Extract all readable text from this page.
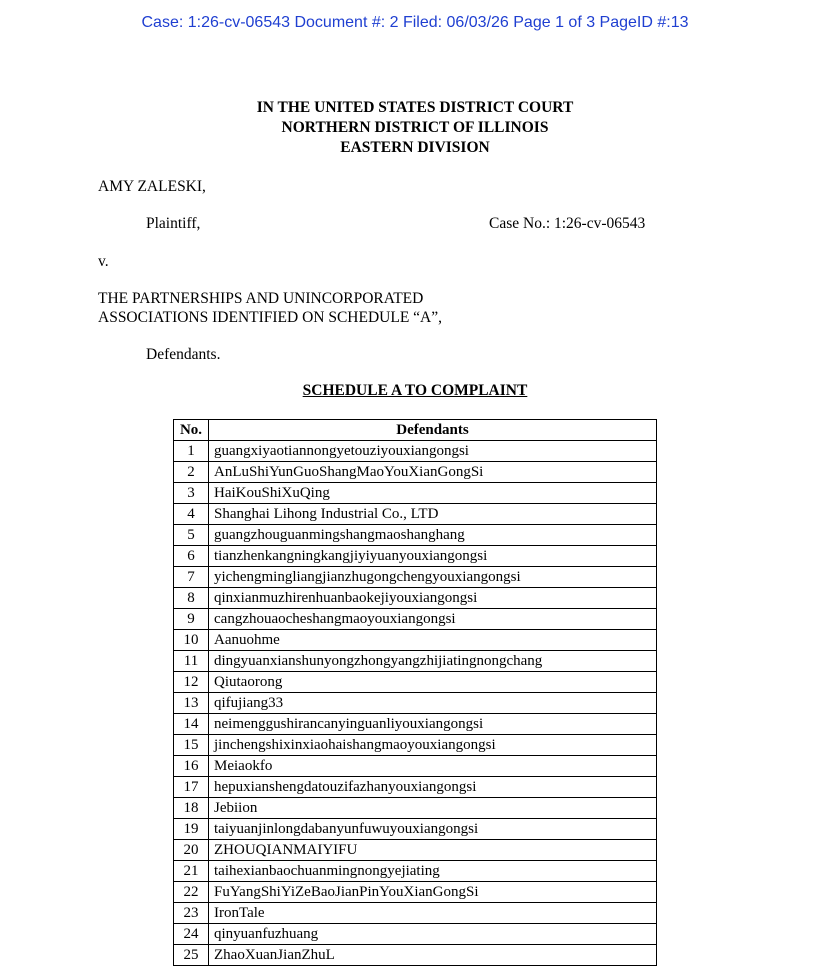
Case: 1:26-cv-06543 Document #: 2 Filed: 06/03/26 Page 1 of 3 PageID #:13
IN THE UNITED STATES DISTRICT COURT
NORTHERN DISTRICT OF ILLINOIS
EASTERN DIVISION
AMY ZALESKI,
Plaintiff,	Case No.: 1:26-cv-06543
v.
THE PARTNERSHIPS AND UNINCORPORATED
ASSOCIATIONS IDENTIFIED ON SCHEDULE “A”,
Defendants.
SCHEDULE A TO COMPLAINT
No.	Defendants
1	guangxiyaotiannongyetouziyouxiangongsi
2	AnLuShiYunGuoShangMaoYouXianGongSi
3	HaiKouShiXuQing
4	Shanghai Lihong Industrial Co., LTD
5	guangzhouguanmingshangmaoshanghang
6	tianzhenkangningkangjiyiyuanyouxiangongsi
7	yichengmingliangjianzhugongchengyouxiangongsi
8	qinxianmuzhirenhuanbaokejiyouxiangongsi
9	cangzhouaocheshangmaoyouxiangongsi
10	Aanuohme
11	dingyuanxianshunyongzhongyangzhijiatingnongchang
12	Qiutaorong
13	qifujiang33
14	neimenggushirancanyinguanliyouxiangongsi
15	jinchengshixinxiaohaishangmaoyouxiangongsi
16	Meiaokfo
17	hepuxianshengdatouzifazhanyouxiangongsi
18	Jebiion
19	taiyuanjinlongdabanyunfuwuyouxiangongsi
20	ZHOUQIANMAIYIFU
21	taihexianbaochuanmingnongyejiating
22	FuYangShiYiZeBaoJianPinYouXianGongSi
23	IronTale
24	qinyuanfuzhuang
25	ZhaoXuanJianZhuL
